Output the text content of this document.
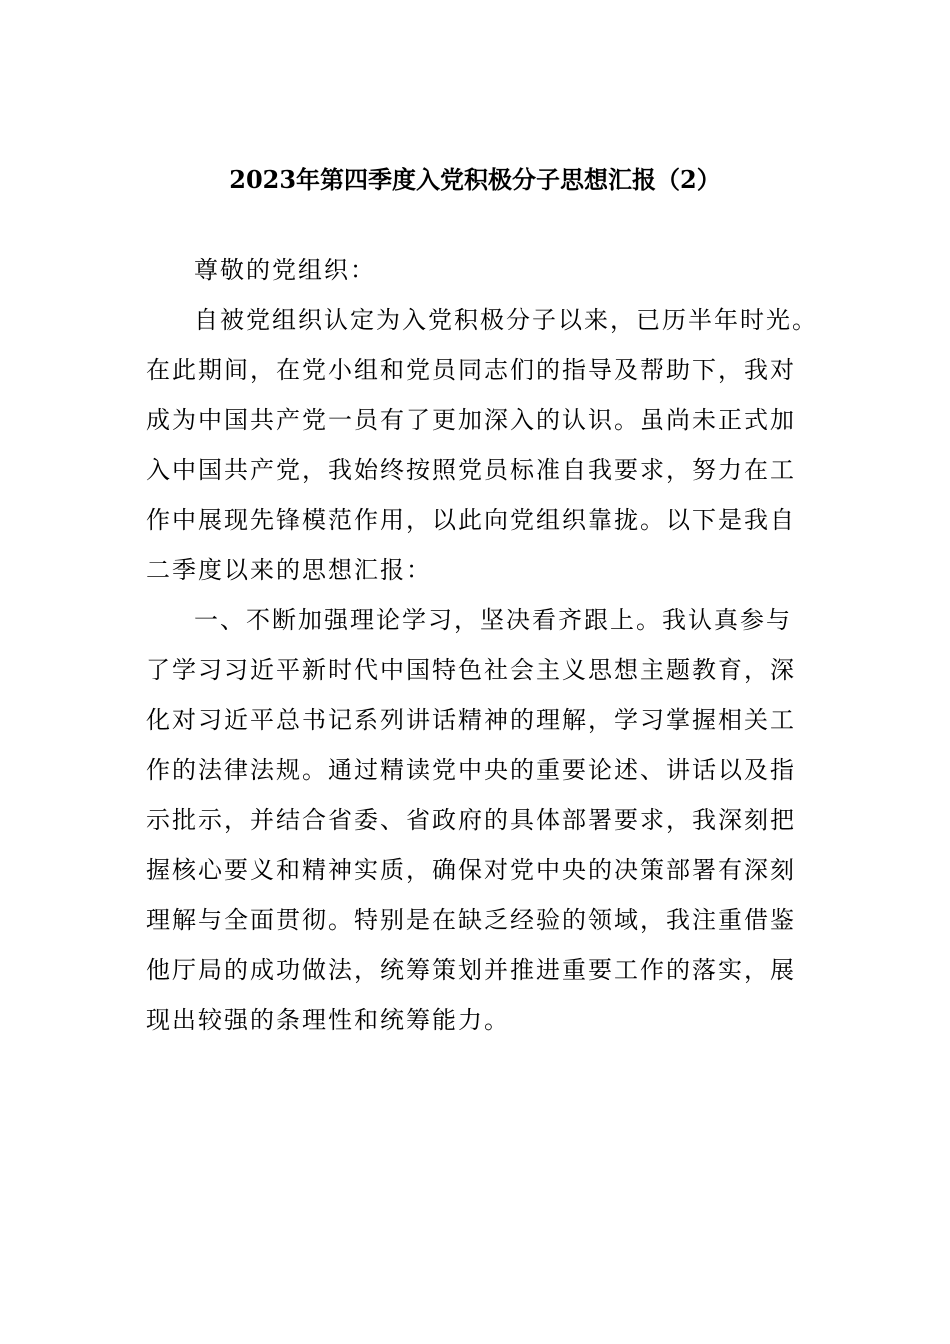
2023年第四季度入党积极分子思想汇报（2）

尊敬的党组织：

自被党组织认定为入党积极分子以来，已历半年时光。
在此期间，在党小组和党员同志们的指导及帮助下，我对
成为中国共产党一员有了更加深入的认识。虽尚未正式加
入中国共产党，我始终按照党员标准自我要求，努力在工
作中展现先锋模范作用，以此向党组织靠拢。以下是我自
二季度以来的思想汇报：

一、不断加强理论学习，坚决看齐跟上。我认真参与
了学习习近平新时代中国特色社会主义思想主题教育，深
化对习近平总书记系列讲话精神的理解，学习掌握相关工
作的法律法规。通过精读党中央的重要论述、讲话以及指
示批示，并结合省委、省政府的具体部署要求，我深刻把
握核心要义和精神实质，确保对党中央的决策部署有深刻
理解与全面贯彻。特别是在缺乏经验的领域，我注重借鉴
他厅局的成功做法，统筹策划并推进重要工作的落实，展
现出较强的条理性和统筹能力。
